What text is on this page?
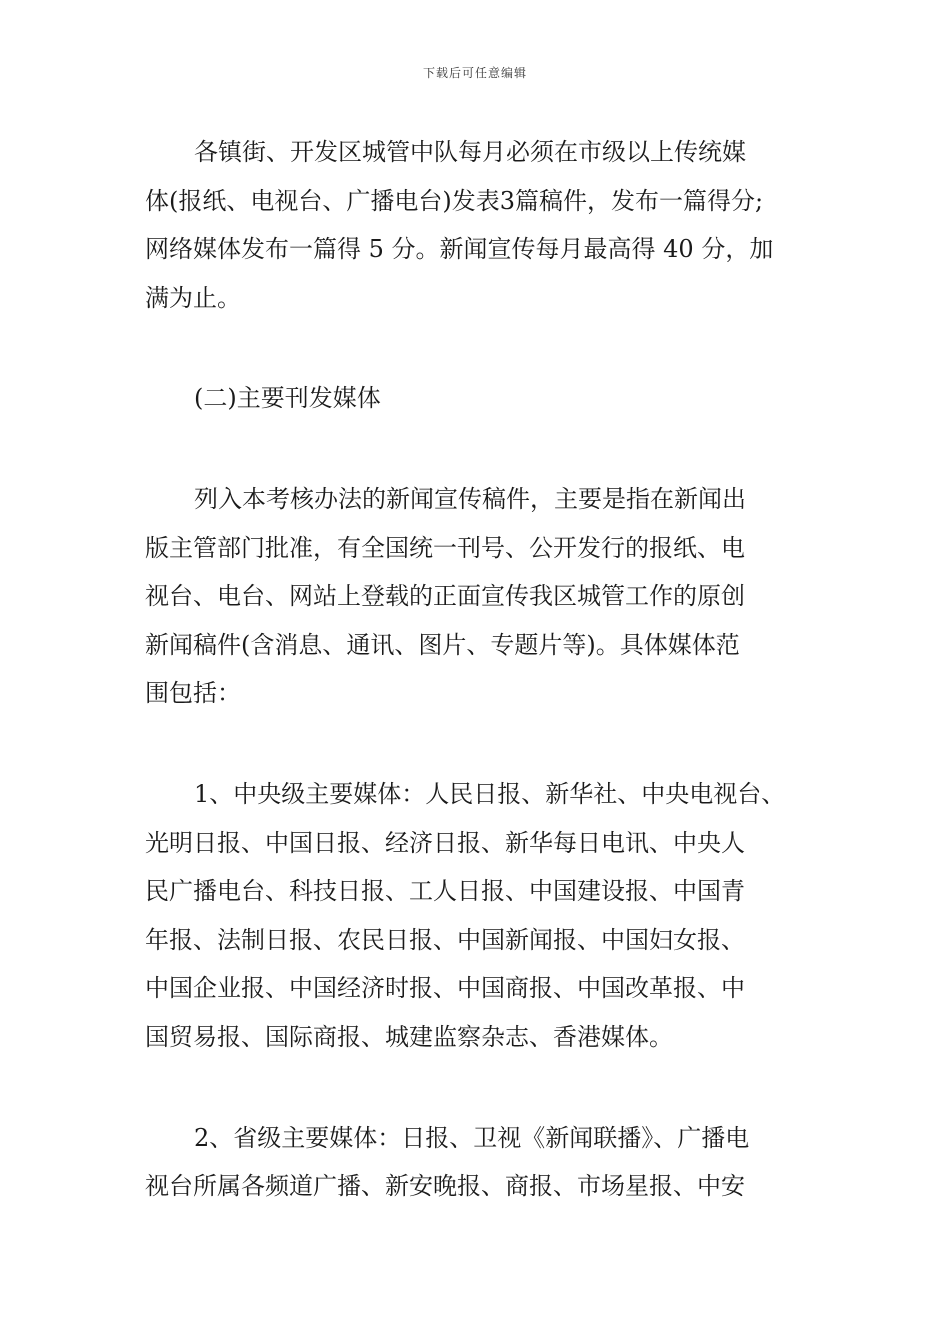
下载后可任意编辑

各镇街、开发区城管中队每月必须在市级以上传统媒
体(报纸、电视台、广播电台)发表3篇稿件，发布一篇得分;
网络媒体发布一篇得 5 分。新闻宣传每月最高得 40 分，加
满为止。

(二)主要刊发媒体

列入本考核办法的新闻宣传稿件，主要是指在新闻出
版主管部门批准，有全国统一刊号、公开发行的报纸、电
视台、电台、网站上登载的正面宣传我区城管工作的原创
新闻稿件(含消息、通讯、图片、专题片等)。具体媒体范
围包括：

1、中央级主要媒体：人民日报、新华社、中央电视台、
光明日报、中国日报、经济日报、新华每日电讯、中央人
民广播电台、科技日报、工人日报、中国建设报、中国青
年报、法制日报、农民日报、中国新闻报、中国妇女报、
中国企业报、中国经济时报、中国商报、中国改革报、中
国贸易报、国际商报、城建监察杂志、香港媒体。

2、省级主要媒体：日报、卫视《新闻联播》、广播电
视台所属各频道广播、新安晚报、商报、市场星报、中安
